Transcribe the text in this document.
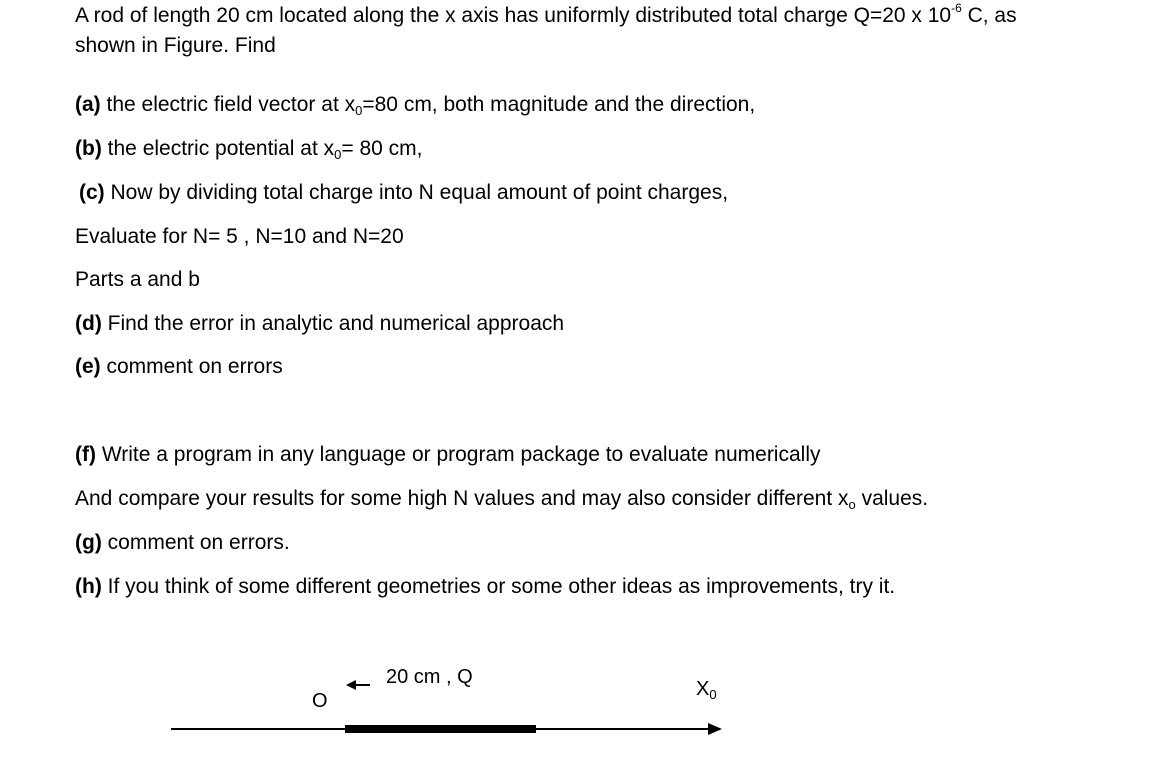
A rod of length 20 cm located along the x axis has uniformly distributed total charge Q=20 x $10^{-6}$ C, as
shown in Figure. Find
(a) the electric field vector at $x_0=80$ cm, both magnitude and the direction,
(b) the electric potential at $x_0= 80$ cm,
(c) Now by dividing total charge into N equal amount of point charges,
Evaluate for N= 5 , N=10 and N=20
Parts a and b
(d) Find the error in analytic and numerical approach
(e) comment on errors
(f) Write a program in any language or program package to evaluate numerically
And compare your results for some high N values and may also consider different $x_o$ values.
(g) comment on errors.
(h) If you think of some different geometries or some other ideas as improvements, try it.
O
20 cm , Q
$X_0$
